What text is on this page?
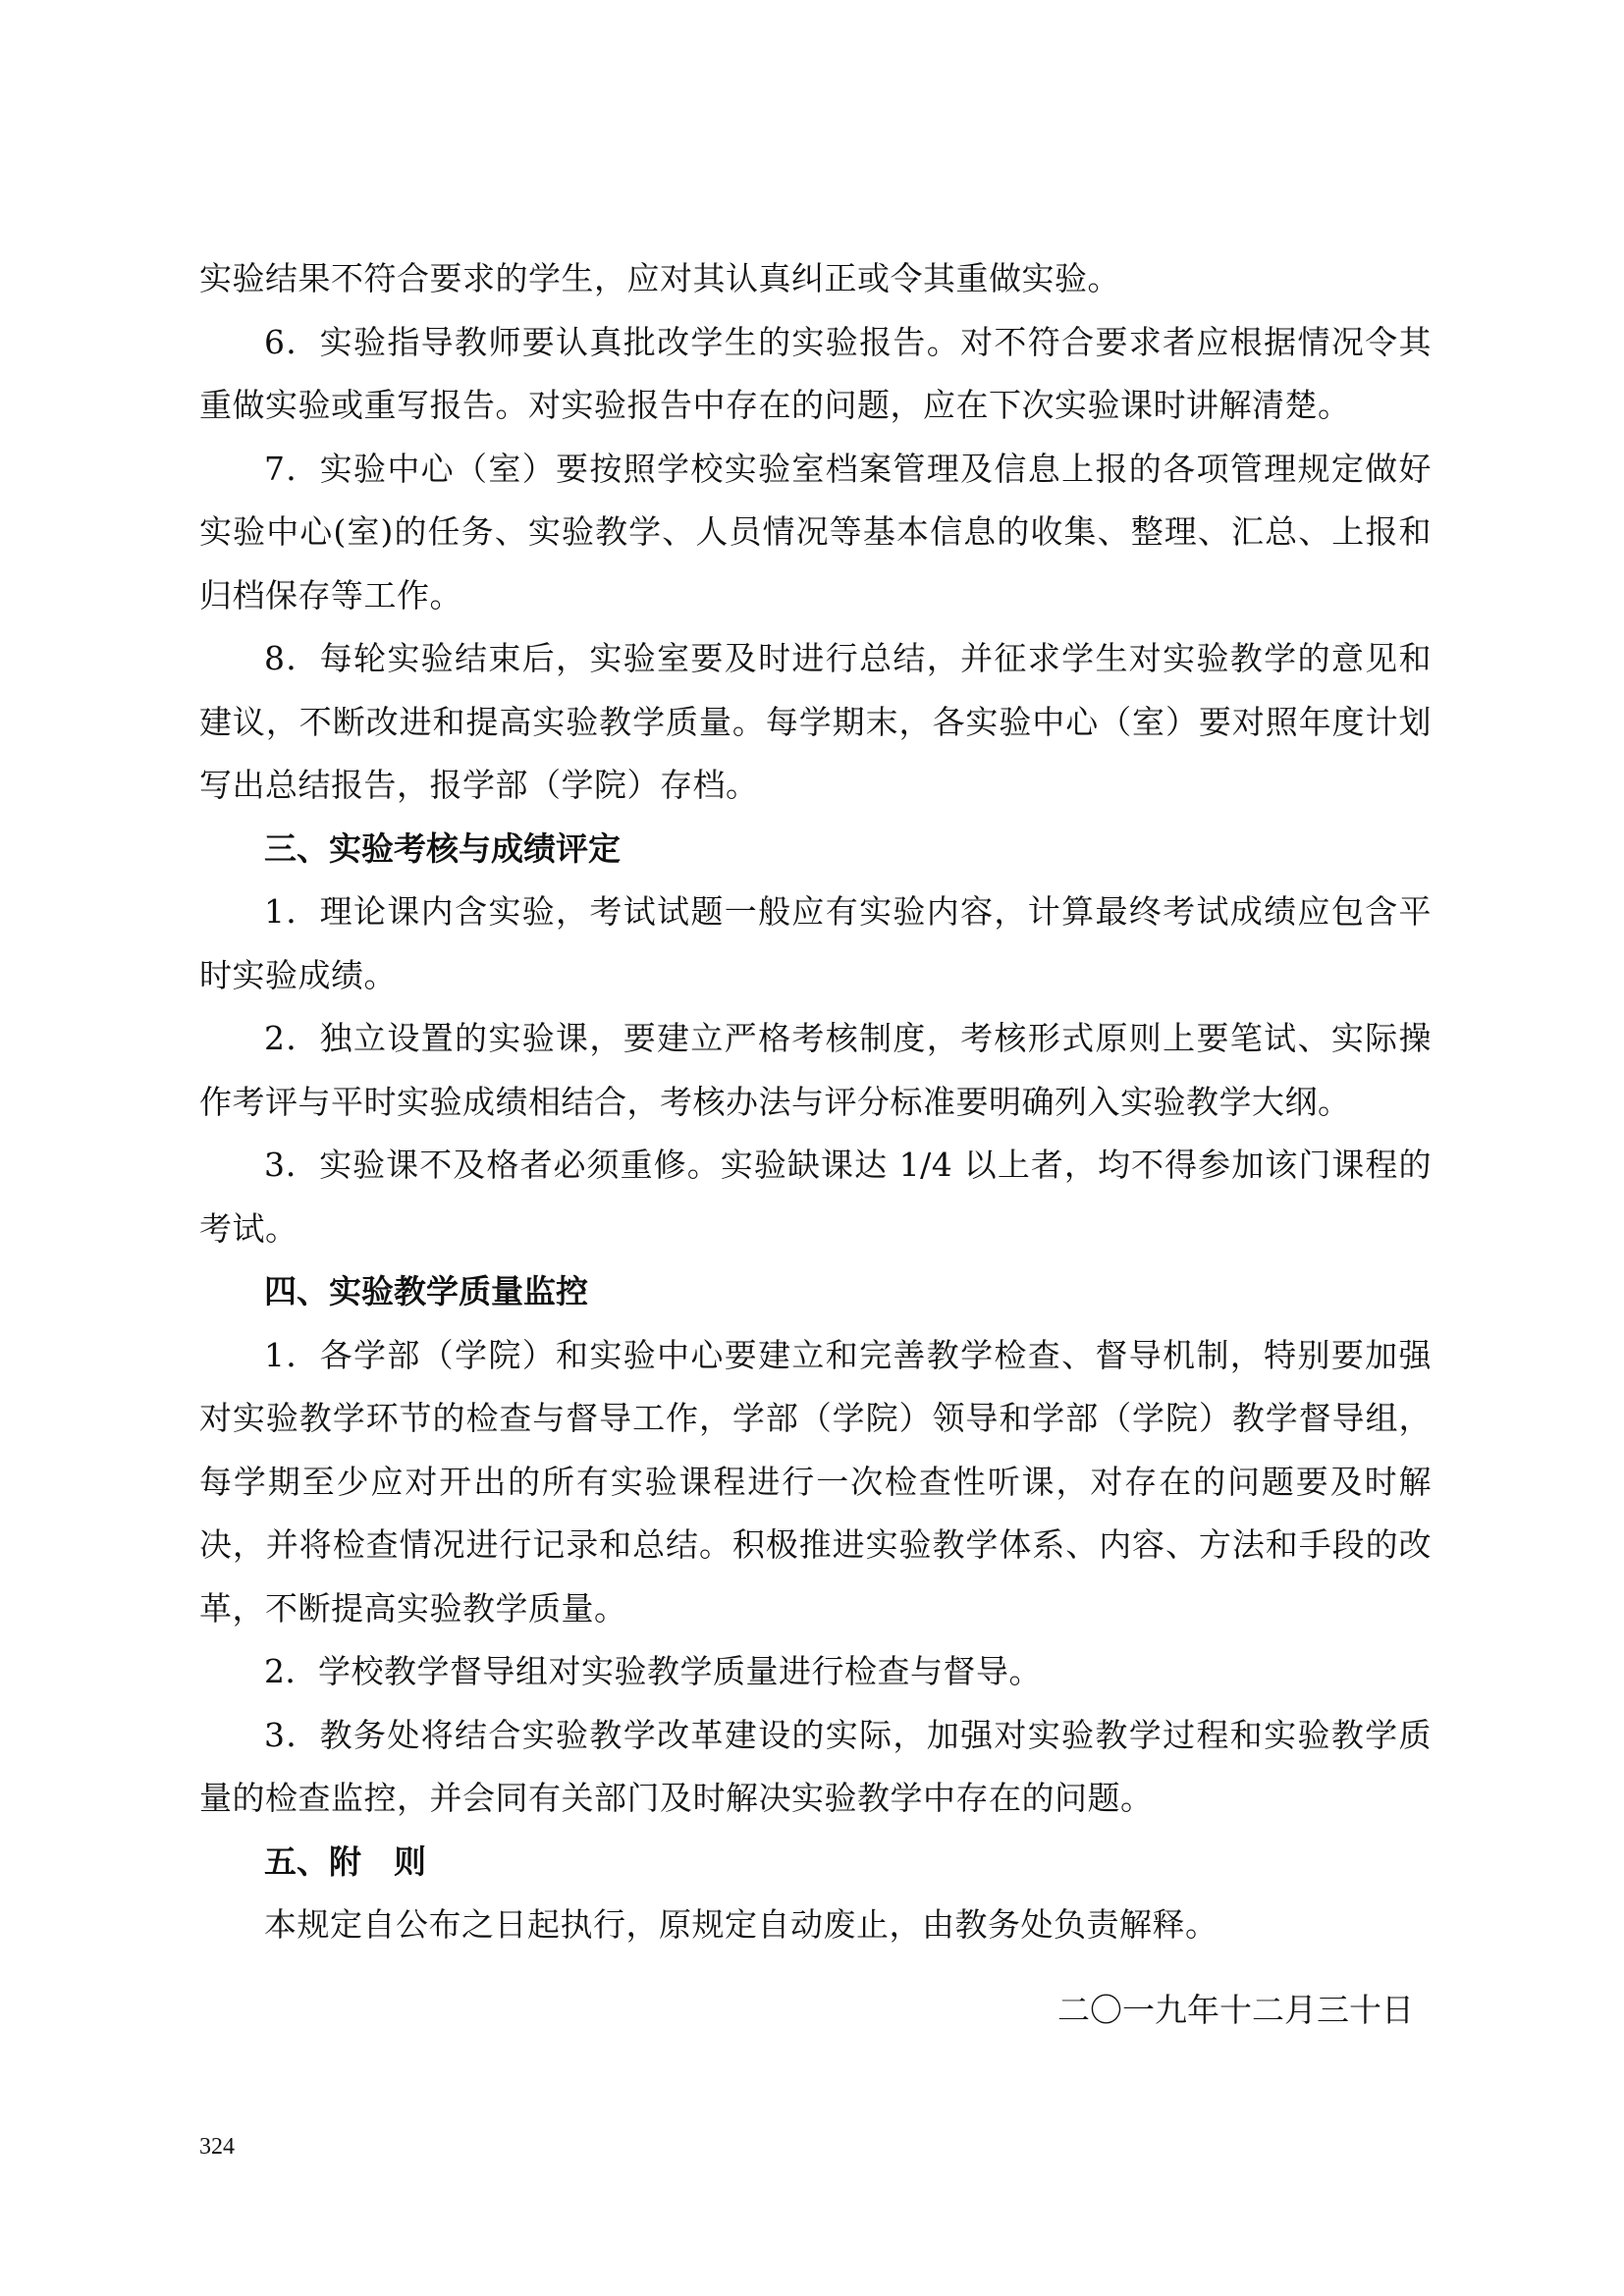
实验结果不符合要求的学生，应对其认真纠正或令其重做实验。

6．实验指导教师要认真批改学生的实验报告。对不符合要求者应根据情况令其重做实验或重写报告。对实验报告中存在的问题，应在下次实验课时讲解清楚。

7．实验中心（室）要按照学校实验室档案管理及信息上报的各项管理规定做好实验中心(室)的任务、实验教学、人员情况等基本信息的收集、整理、汇总、上报和归档保存等工作。

8．每轮实验结束后，实验室要及时进行总结，并征求学生对实验教学的意见和建议，不断改进和提高实验教学质量。每学期末，各实验中心（室）要对照年度计划写出总结报告，报学部（学院）存档。

三、实验考核与成绩评定

1．理论课内含实验，考试试题一般应有实验内容，计算最终考试成绩应包含平时实验成绩。

2．独立设置的实验课，要建立严格考核制度，考核形式原则上要笔试、实际操作考评与平时实验成绩相结合，考核办法与评分标准要明确列入实验教学大纲。

3．实验课不及格者必须重修。实验缺课达 1/4 以上者，均不得参加该门课程的考试。

四、实验教学质量监控

1．各学部（学院）和实验中心要建立和完善教学检查、督导机制，特别要加强对实验教学环节的检查与督导工作，学部（学院）领导和学部（学院）教学督导组，每学期至少应对开出的所有实验课程进行一次检查性听课，对存在的问题要及时解决，并将检查情况进行记录和总结。积极推进实验教学体系、内容、方法和手段的改革，不断提高实验教学质量。

2．学校教学督导组对实验教学质量进行检查与督导。

3．教务处将结合实验教学改革建设的实际，加强对实验教学过程和实验教学质量的检查监控，并会同有关部门及时解决实验教学中存在的问题。

五、附　则

本规定自公布之日起执行，原规定自动废止，由教务处负责解释。

二〇一九年十二月三十日

324
